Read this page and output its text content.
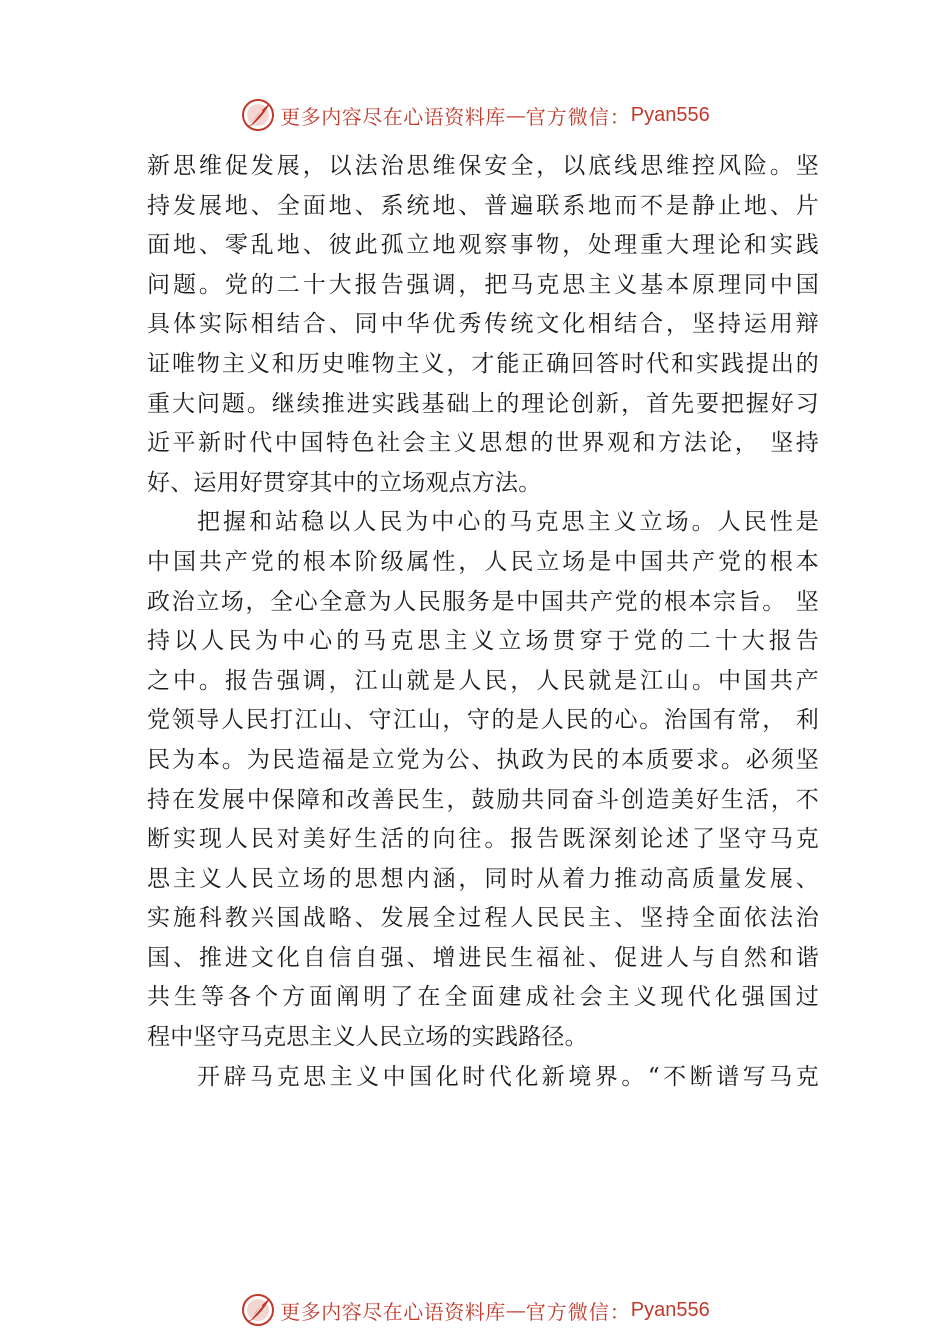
更多内容尽在心语资料库 — 官方微信： Pyan556
新思维促发展，以法治思维保安全，以底线思维控风险。坚
持发展地、全面地、系统地、普遍联系地而不是静止地、片
面地、零乱地、彼此孤立地观察事物，处理重大理论和实践
问题。党的二十大报告强调，把马克思主义基本原理同中国
具体实际相结合、同中华优秀传统文化相结合，坚持运用辩
证唯物主义和历史唯物主义，才能正确回答时代和实践提出的
重大问题。继续推进实践基础上的理论创新，首先要把握好习
近平新时代中国特色社会主义思想的世界观和方法论， 坚持
好、运用好贯穿其中的立场观点方法。
把握和站稳以人民为中心的马克思主义立场。人民性是
中国共产党的根本阶级属性，人民立场是中国共产党的根本
政治立场，全心全意为人民服务是中国共产党的根本宗旨。 坚
持以人民为中心的马克思主义立场贯穿于党的二十大报告
之中。报告强调，江山就是人民，人民就是江山。中国共产
党领导人民打江山、守江山，守的是人民的心。治国有常， 利
民为本。为民造福是立党为公、执政为民的本质要求。必须坚
持在发展中保障和改善民生，鼓励共同奋斗创造美好生活，不
断实现人民对美好生活的向往。报告既深刻论述了坚守马克
思主义人民立场的思想内涵，同时从着力推动高质量发展、
实施科教兴国战略、发展全过程人民民主、坚持全面依法治
国、推进文化自信自强、增进民生福祉、促进人与自然和谐
共生等各个方面阐明了在全面建成社会主义现代化强国过
程中坚守马克思主义人民立场的实践路径。
开辟马克思主义中国化时代化新境界。“不断谱写马克
更多内容尽在心语资料库 — 官方微信： Pyan556
